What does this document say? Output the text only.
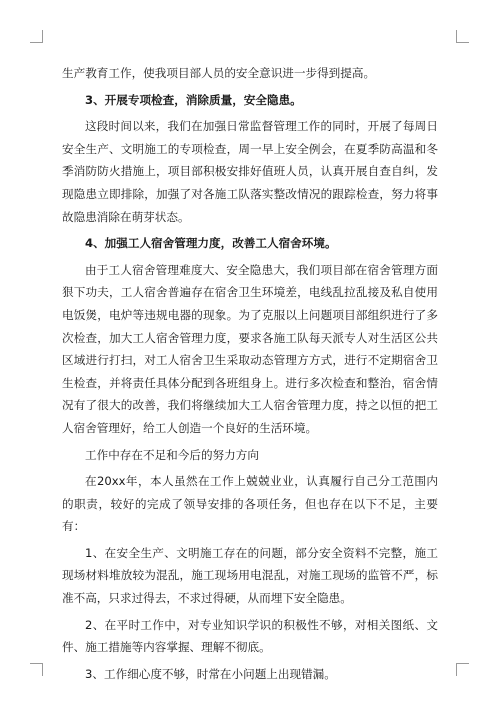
生产教育工作，使我项目部人员的安全意识进一步得到提高。

3、开展专项检查，消除质量，安全隐患。

这段时间以来，我们在加强日常监督管理工作的同时，开展了每周日安全生产、文明施工的专项检查，周一早上安全例会，在夏季防高温和冬季消防防火措施上，项目部积极安排好值班人员，认真开展自查自纠，发现隐患立即排除，加强了对各施工队落实整改情况的跟踪检查，努力将事故隐患消除在萌芽状态。

4、加强工人宿舍管理力度，改善工人宿舍环境。

由于工人宿舍管理难度大、安全隐患大，我们项目部在宿舍管理方面狠下功夫，工人宿舍普遍存在宿舍卫生环境差，电线乱拉乱接及私自使用电饭煲，电炉等违规电器的现象。为了克服以上问题项目部组织进行了多次检查，加大工人宿舍管理力度，要求各施工队每天派专人对生活区公共区域进行打扫，对工人宿舍卫生采取动态管理方方式，进行不定期宿舍卫生检查，并将责任具体分配到各班组身上。进行多次检查和整治，宿舍情况有了很大的改善，我们将继续加大工人宿舍管理力度，持之以恒的把工人宿舍管理好，给工人创造一个良好的生活环境。

工作中存在不足和今后的努力方向

在20xx年，本人虽然在工作上兢兢业业，认真履行自己分工范围内的职责，较好的完成了领导安排的各项任务，但也存在以下不足，主要有：

1、在安全生产、文明施工存在的问题，部分安全资料不完整，施工现场材料堆放较为混乱，施工现场用电混乱，对施工现场的监管不严，标准不高，只求过得去，不求过得硬，从而埋下安全隐患。

2、在平时工作中，对专业知识学识的积极性不够，对相关图纸、文件、施工措施等内容掌握、理解不彻底。

3、工作细心度不够，时常在小问题上出现错漏。
